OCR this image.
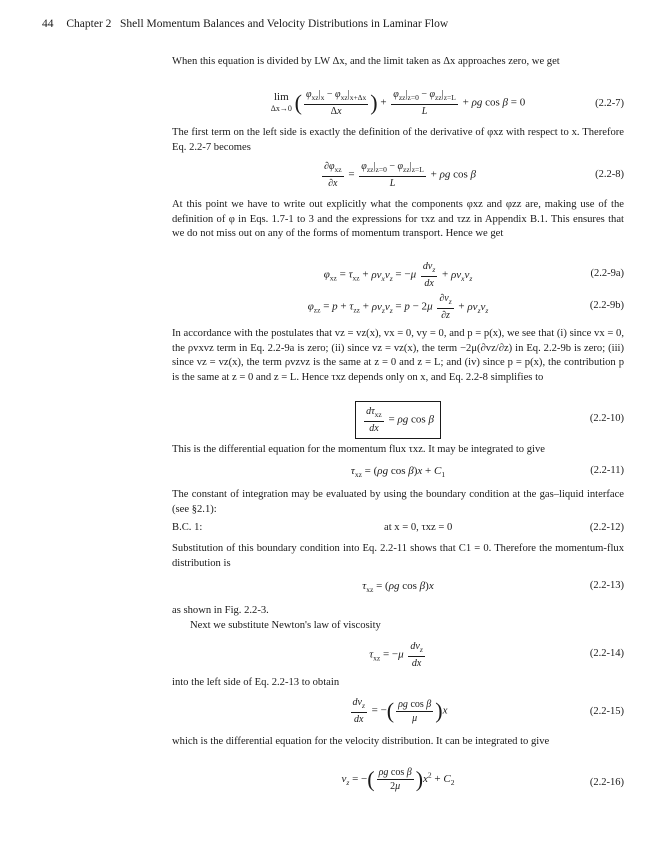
44 Chapter 2 Shell Momentum Balances and Velocity Distributions in Laminar Flow
When this equation is divided by LW Δx, and the limit taken as Δx approaches zero, we get
lim
Δx→0 ( $\frac{\varphi_{xz}|_x - \varphi_{xz}|_{x+\Delta x}}{\Delta x}$ ) + $\frac{\varphi_{zz}|_{z=0} - \varphi_{zz}|_{z=L}}{L} + \rho g$ cos β = 0	(2.2-7)
The first term on the left side is exactly the definition of the derivative of φxz with respect to x. Therefore Eq. 2.2-7 becomes
$\frac{\partial\varphi_{xz}}{\partial x} = \frac{\varphi_{zz}|_{z=0} - \varphi_{zz}|_{z=L}}{L} + \rho g$ cos β	(2.2-8)
At this point we have to write out explicitly what the components φxz and φzz are, making use of the definition of φ in Eqs. 1.7-1 to 3 and the expressions for τxz and τzz in Appendix B.1. This ensures that we do not miss out on any of the forms of momentum transport. Hence we get
$\varphi_{xz} = \tau_{xz} + \rho v_xv_z = -\mu \frac{dv_z}{dx} + \rho v_xv_z$	(2.2-9a)
$\varphi_{zz} = p + \tau_{zz} + \rho v_zv_z = p - 2\mu \frac{\partial v_z}{\partial z} + \rho v_zv_z$	(2.2-9b)
In accordance with the postulates that vz = vz(x), vx = 0, vy = 0, and p = p(x), we see that (i) since vx = 0, the ρvxvz term in Eq. 2.2-9a is zero; (ii) since vz = vz(x), the term −2μ(∂vz/∂z) in Eq. 2.2-9b is zero; (iii) since vz = vz(x), the term ρvzvz is the same at z = 0 and z = L; and (iv) since p = p(x), the contribution p is the same at z = 0 and z = L. Hence τxz depends only on x, and Eq. 2.2-8 simplifies to
$\frac{d\tau_{xz}}{dx} = \rho g$ cos β	(2.2-10)
This is the differential equation for the momentum flux τxz. It may be integrated to give
$\tau_{xz} = (\rho g$ $\cos \beta)x + C_1$	(2.2-11)
The constant of integration may be evaluated by using the boundary condition at the gas–liquid interface (see §2.1):
B.C. 1:	at x = 0, τxz = 0	(2.2-12)
Substitution of this boundary condition into Eq. 2.2-11 shows that C1 = 0. Therefore the momentum-flux distribution is
$\tau_{xz} = (\rho g$ cos β)x	(2.2-13)
as shown in Fig. 2.2-3.
Next we substitute Newton's law of viscosity
$\tau_{xz} = -\mu \frac{dv_z}{dx}$	(2.2-14)
into the left side of Eq. 2.2-13 to obtain
$\frac{dv_z}{dx}$ = −( $\frac{\text{ρg cos β}}{\mu} )x$	(2.2-15)
which is the differential equation for the velocity distribution. It can be integrated to give
$v_z$ = −( $\frac{\text{ρg cos β}}{2\mu} )x^2 + C_2$	(2.2-16)
